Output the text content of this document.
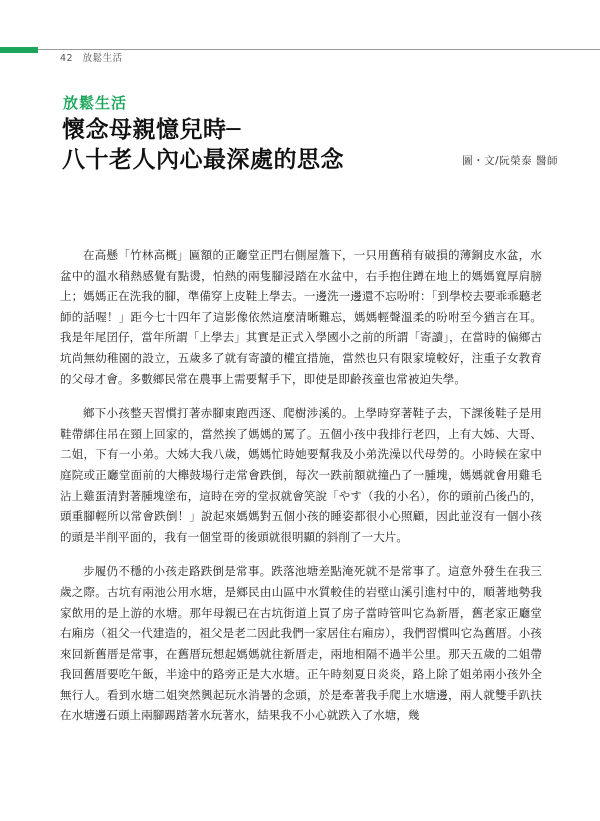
42 放鬆生活
放鬆生活
懷念母親憶兒時─
八十老人內心最深處的思念	圖・文/阮榮泰 醫師

在高懸「竹林高概」匾額的正廳堂正門右側屋簷下，一只用舊稍有破損的薄銅皮水盆，水盆中的溫水稍熱感覺有點燙，怕熱的兩隻腳浸踏在水盆中，右手抱住蹲在地上的媽媽寬厚肩膀上；媽媽正在洗我的腳，準備穿上皮鞋上學去。一邊洗一邊還不忘吩咐：「到學校去要乖乖聽老師的話喔！」距今七十四年了這影像依然這麼清晰難忘，媽媽輕聲溫柔的吩咐至今猶言在耳。我是年尾囝仔，當年所謂「上學去」其實是正式入學國小之前的所謂「寄讀」，在當時的偏鄉古坑尚無幼稚園的設立，五歲多了就有寄讀的權宜措施，當然也只有限家境較好，注重子女教育的父母才會。多數鄉民常在農事上需要幫手下，即使是即齡孩童也常被迫失學。

鄉下小孩整天習慣打著赤腳東跑西逐、爬樹涉溪的。上學時穿著鞋子去，下課後鞋子是用鞋帶綁住吊在頸上回家的，當然挨了媽媽的罵了。五個小孩中我排行老四，上有大姊、大哥、二姐，下有一小弟。大姊大我八歲，媽媽忙時她要幫我及小弟洗澡以代母勞的。小時候在家中庭院或正廳堂面前的大櫸鼓場行走常會跌倒，每次一跌前額就撞凸了一腫塊，媽媽就會用雞毛沾上雞蛋清對著腫塊塗布，這時在旁的堂叔就會笑說「やす（我的小名），你的頭前凸後凸的，頭重腳輕所以常會跌倒！」說起來媽媽對五個小孩的睡姿都很小心照顧，因此並沒有一個小孩的頭是半削平面的，我有一個堂哥的後頭就很明顯的斜削了一大片。

步履仍不穩的小孩走路跌倒是常事。跌落池塘差點淹死就不是常事了。這意外發生在我三歲之際。古坑有兩池公用水塘，是鄉民由山區中水質較佳的岩壁山溪引進村中的，順著地勢我家飲用的是上游的水塘。那年母親已在古坑街道上買了房子當時管叫它為新厝，舊老家正廳堂右廂房（祖父一代建造的，祖父是老二因此我們一家居住右廂房），我們習慣叫它為舊厝。小孩來回新舊厝是常事，在舊厝玩想起媽媽就往新厝走，兩地相隔不過半公里。那天五歲的二姐帶我回舊厝要吃午飯，半途中的路旁正是大水塘。正午時刻夏日炎炎，路上除了姐弟兩小孩外全無行人。看到水塘二姐突然興起玩水消暑的念頭，於是牽著我手爬上水塘邊，兩人就雙手趴扶在水塘邊石頭上兩腳踢踏著水玩著水，結果我不小心就跌入了水塘，幾
